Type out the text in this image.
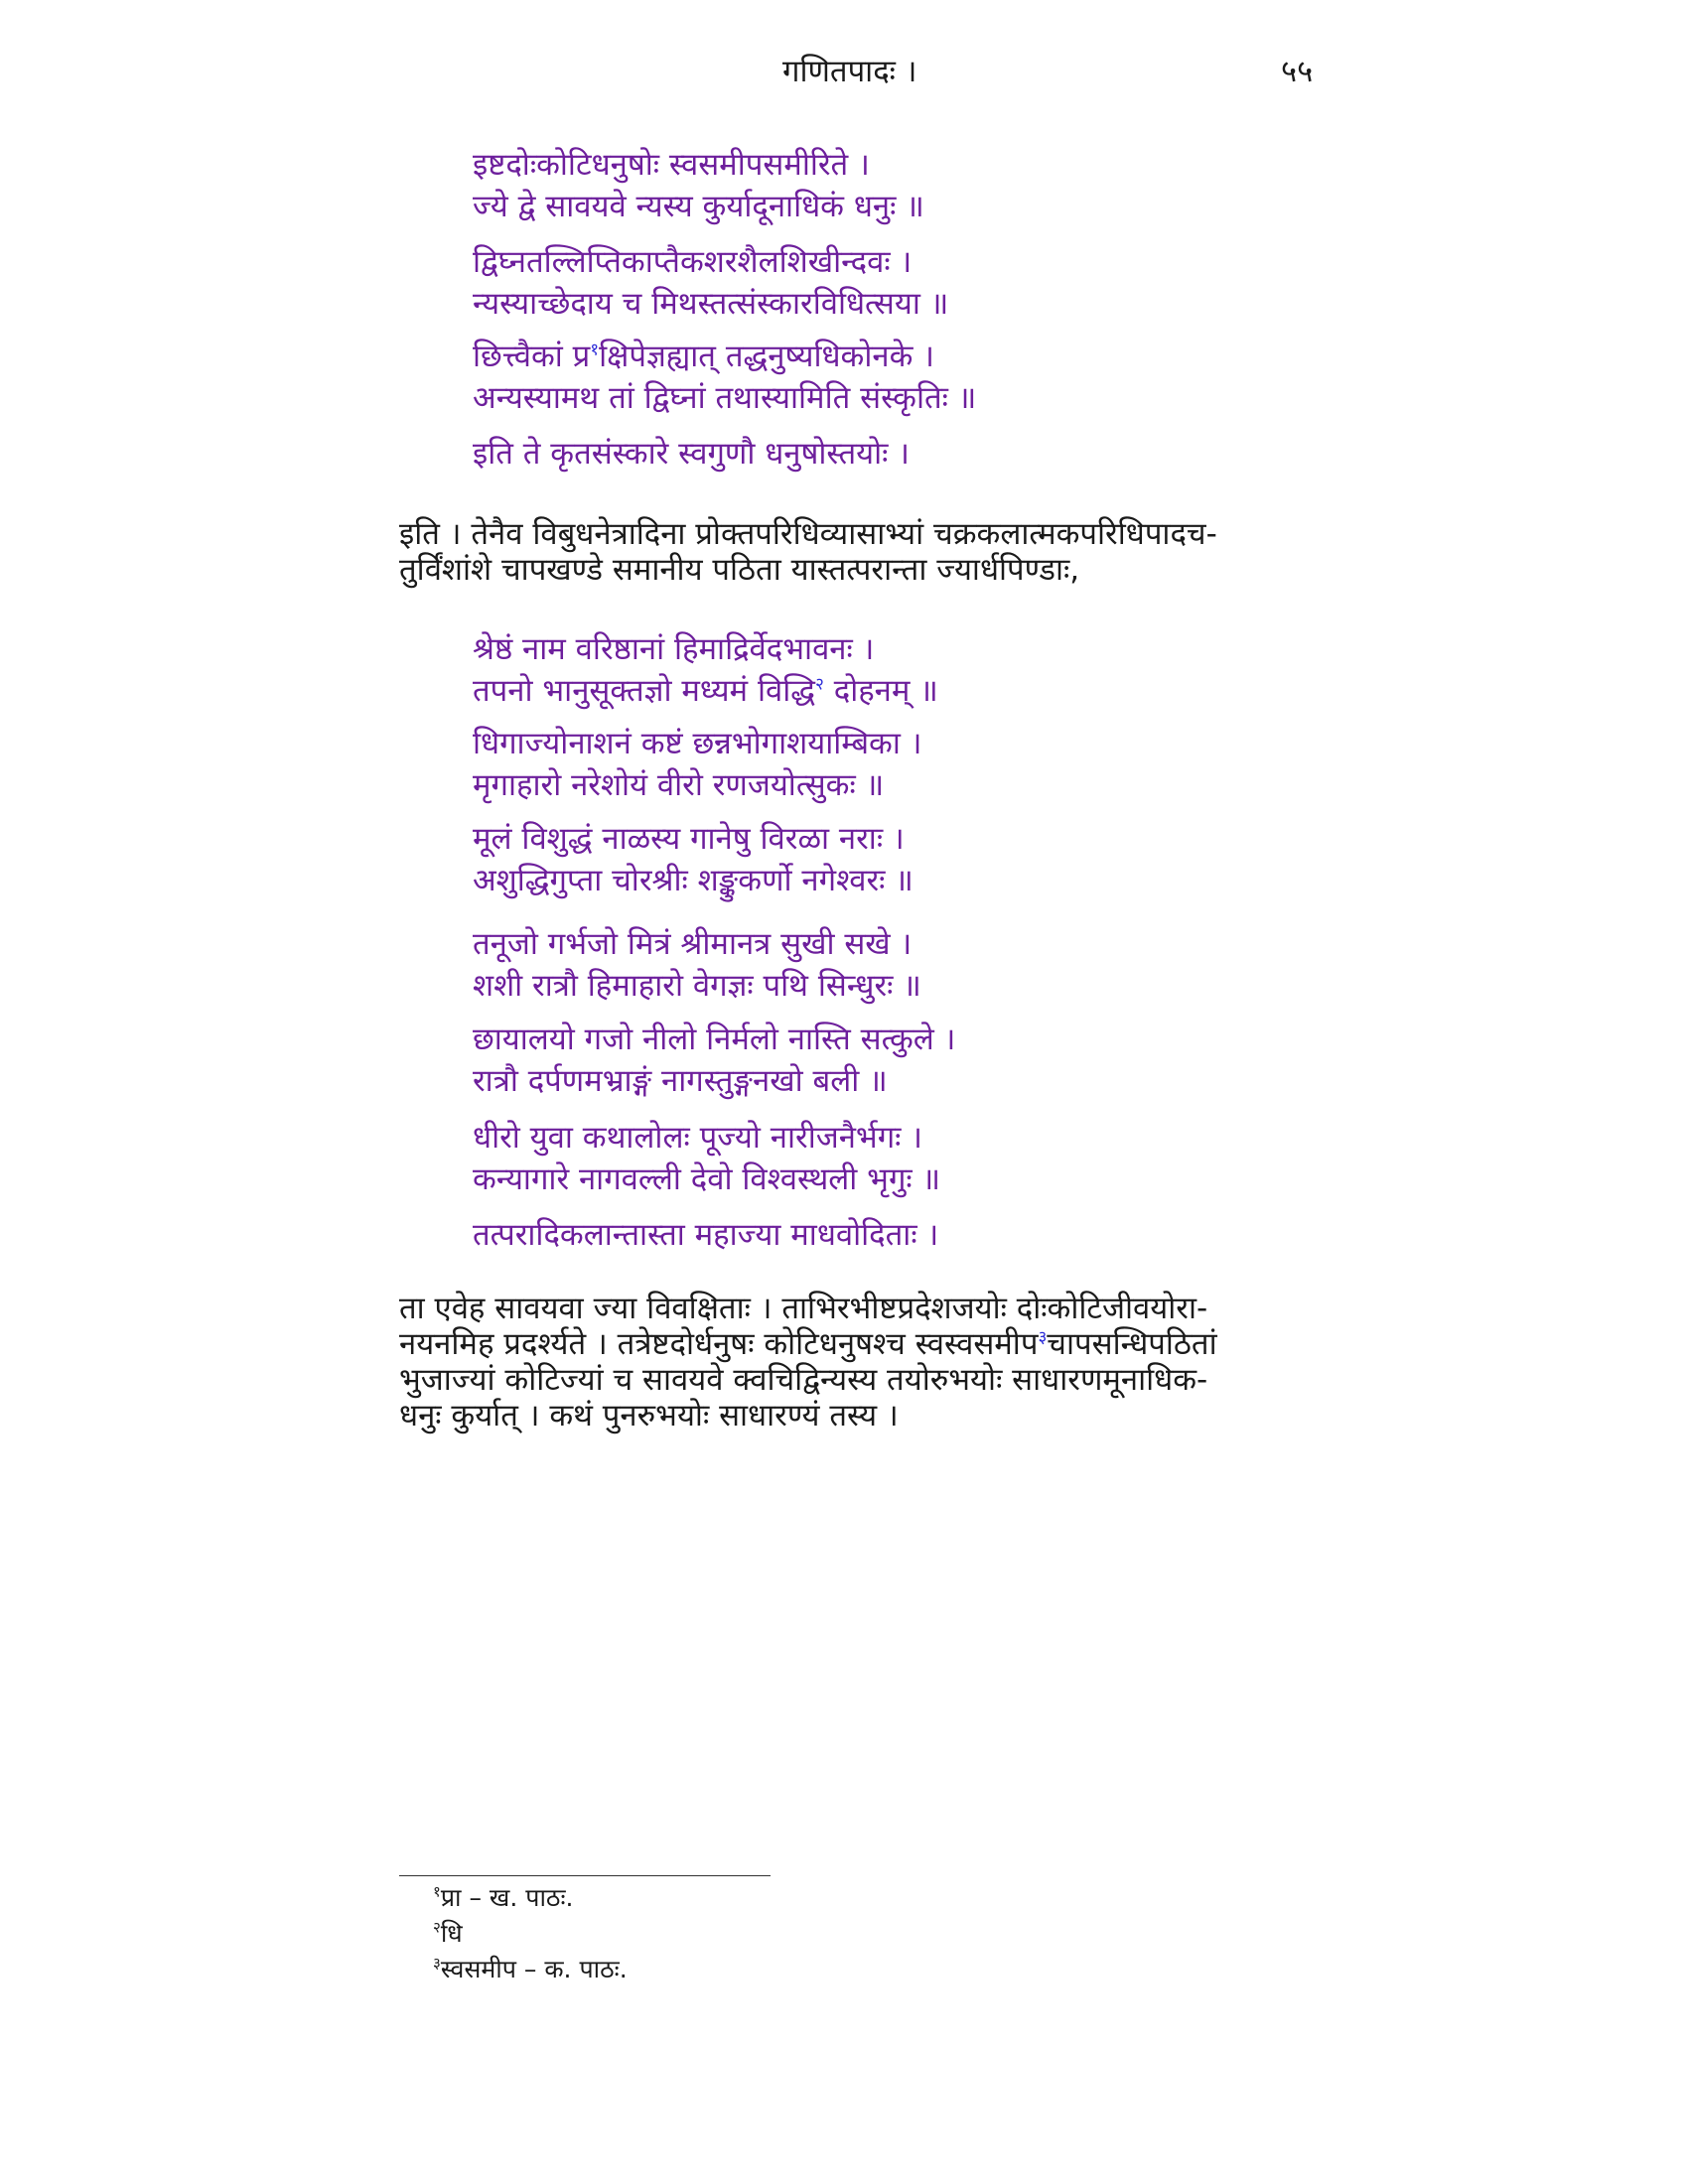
गणितपादः ।	५५
इष्टदोःकोटिधनुषोः स्वसमीपसमीरिते ।
ज्ये द्वे सावयवे न्यस्य कुर्यादूनाधिकं धनुः ॥
द्विघ्नतल्लिप्तिकाप्तैकशरशैलशिखीन्दवः ।
न्यस्याच्छेदाय च मिथस्तत्संस्कारविधित्सया ॥
छित्त्वैकां प्र$^१$क्षिपेज्ञह्यात् तद्धनुष्यधिकोनके ।
अन्यस्यामथ तां द्विघ्नां तथास्यामिति संस्कृतिः ॥
इति ते कृतसंस्कारे स्वगुणौ धनुषोस्तयोः ।
इति । तेनैव विबुधनेत्रादिना प्रोक्तपरिधिव्यासाभ्यां चक्रकलात्मकपरिधिपादच-
तुर्विंशांशे चापखण्डे समानीय पठिता यास्तत्परान्ता ज्यार्धपिण्डाः,
श्रेष्ठं नाम वरिष्ठानां हिमाद्रिर्वेदभावनः ।
तपनो भानुसूक्तज्ञो मध्यमं विद्धि$^२$ दोहनम् ॥
धिगाज्योनाशनं कष्टं छन्नभोगाशयाम्बिका ।
मृगाहारो नरेशोयं वीरो रणजयोत्सुकः ॥
मूलं विशुद्धं नाळस्य गानेषु विरळा नराः ।
अशुद्धिगुप्ता चोरश्रीः शङ्कुकर्णो नगेश्वरः ॥
तनूजो गर्भजो मित्रं श्रीमानत्र सुखी सखे ।
शशी रात्रौ हिमाहारो वेगज्ञः पथि सिन्धुरः ॥
छायालयो गजो नीलो निर्मलो नास्ति सत्कुले ।
रात्रौ दर्पणमभ्राङ्गं नागस्तुङ्गनखो बली ॥
धीरो युवा कथालोलः पूज्यो नारीजनैर्भगः ।
कन्यागारे नागवल्ली देवो विश्वस्थली भृगुः ॥
तत्परादिकलान्तास्ता महाज्या माधवोदिताः ।
ता एवेह सावयवा ज्या विवक्षिताः । ताभिरभीष्टप्रदेशजयोः दोःकोटिजीवयोरा-
नयनमिह प्रदर्श्यते । तत्रेष्टदोर्धनुषः कोटिधनुषश्च स्वस्वसमीप$^३$चापसन्धिपठितां
भुजाज्यां कोटिज्यां च सावयवे क्वचिद्विन्यस्य तयोरुभयोः साधारणमूनाधिक-
धनुः कुर्यात् । कथं पुनरुभयोः साधारण्यं तस्य ।
$^१$प्रा – ख. पाठः.
$^२$धि
$^३$स्वसमीप – क. पाठः.
